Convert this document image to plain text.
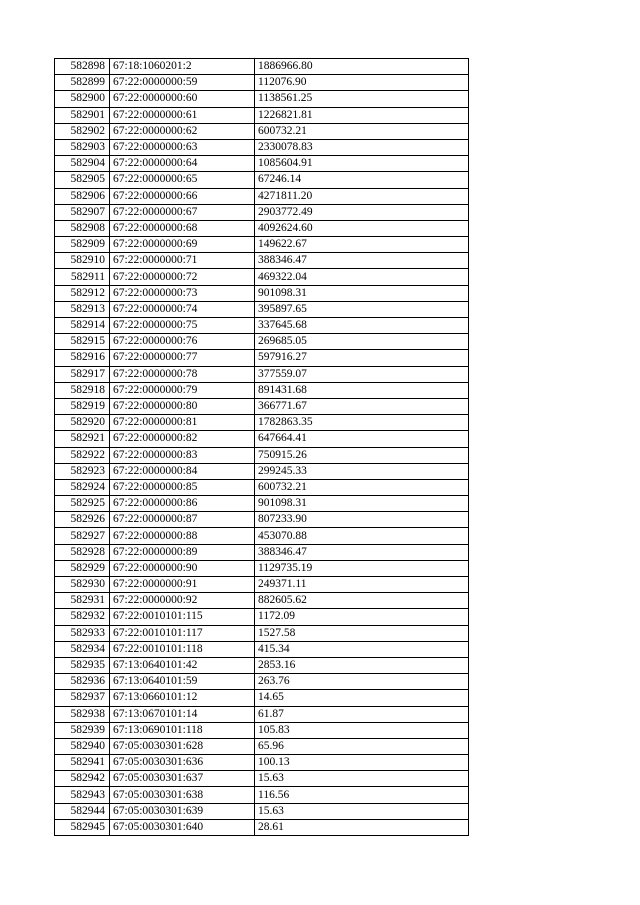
582898	67:18:1060201:2	1886966.80
582899	67:22:0000000:59	112076.90
582900	67:22:0000000:60	1138561.25
582901	67:22:0000000:61	1226821.81
582902	67:22:0000000:62	600732.21
582903	67:22:0000000:63	2330078.83
582904	67:22:0000000:64	1085604.91
582905	67:22:0000000:65	67246.14
582906	67:22:0000000:66	4271811.20
582907	67:22:0000000:67	2903772.49
582908	67:22:0000000:68	4092624.60
582909	67:22:0000000:69	149622.67
582910	67:22:0000000:71	388346.47
582911	67:22:0000000:72	469322.04
582912	67:22:0000000:73	901098.31
582913	67:22:0000000:74	395897.65
582914	67:22:0000000:75	337645.68
582915	67:22:0000000:76	269685.05
582916	67:22:0000000:77	597916.27
582917	67:22:0000000:78	377559.07
582918	67:22:0000000:79	891431.68
582919	67:22:0000000:80	366771.67
582920	67:22:0000000:81	1782863.35
582921	67:22:0000000:82	647664.41
582922	67:22:0000000:83	750915.26
582923	67:22:0000000:84	299245.33
582924	67:22:0000000:85	600732.21
582925	67:22:0000000:86	901098.31
582926	67:22:0000000:87	807233.90
582927	67:22:0000000:88	453070.88
582928	67:22:0000000:89	388346.47
582929	67:22:0000000:90	1129735.19
582930	67:22:0000000:91	249371.11
582931	67:22:0000000:92	882605.62
582932	67:22:0010101:115	1172.09
582933	67:22:0010101:117	1527.58
582934	67:22:0010101:118	415.34
582935	67:13:0640101:42	2853.16
582936	67:13:0640101:59	263.76
582937	67:13:0660101:12	14.65
582938	67:13:0670101:14	61.87
582939	67:13:0690101:118	105.83
582940	67:05:0030301:628	65.96
582941	67:05:0030301:636	100.13
582942	67:05:0030301:637	15.63
582943	67:05:0030301:638	116.56
582944	67:05:0030301:639	15.63
582945	67:05:0030301:640	28.61
